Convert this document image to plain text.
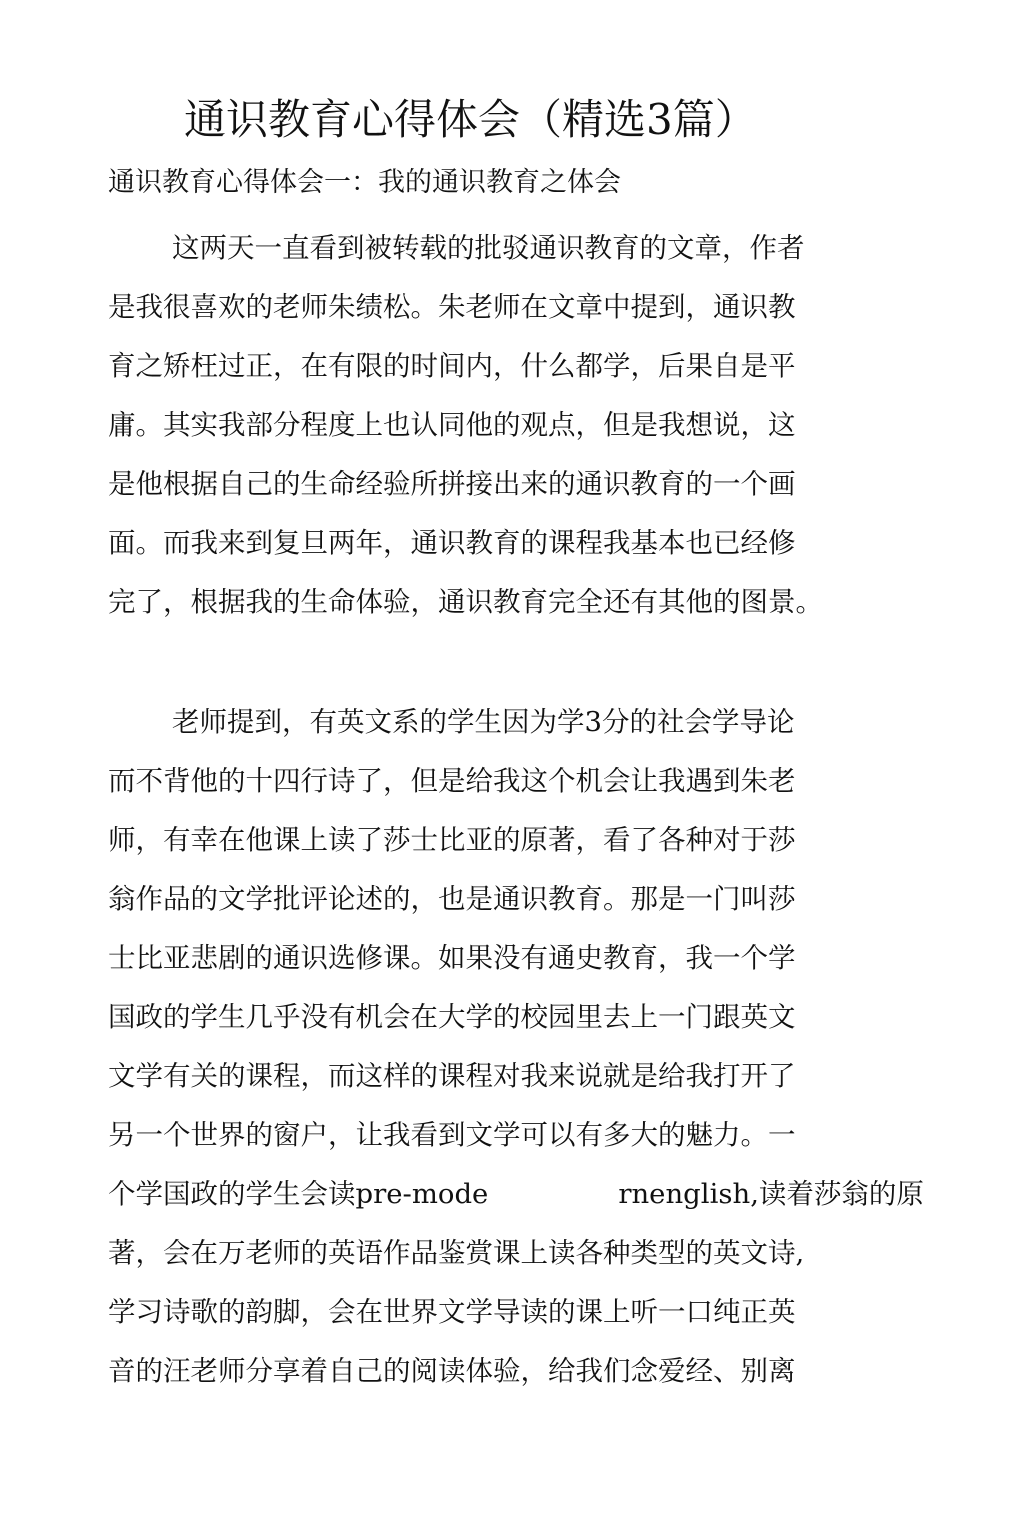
通识教育心得体会（精选3篇）
通识教育心得体会一：我的通识教育之体会
这两天一直看到被转载的批驳通识教育的文章，作者
是我很喜欢的老师朱绩松。朱老师在文章中提到，通识教
育之矫枉过正，在有限的时间内，什么都学，后果自是平
庸。其实我部分程度上也认同他的观点，但是我想说，这
是他根据自己的生命经验所拼接出来的通识教育的一个画
面。而我来到复旦两年，通识教育的课程我基本也已经修
完了，根据我的生命体验，通识教育完全还有其他的图景。
老师提到，有英文系的学生因为学3分的社会学导论
而不背他的十四行诗了，但是给我这个机会让我遇到朱老
师，有幸在他课上读了莎士比亚的原著，看了各种对于莎
翁作品的文学批评论述的，也是通识教育。那是一门叫莎
士比亚悲剧的通识选修课。如果没有通史教育，我一个学
国政的学生几乎没有机会在大学的校园里去上一门跟英文
文学有关的课程，而这样的课程对我来说就是给我打开了
另一个世界的窗户，让我看到文学可以有多大的魅力。一
个学国政的学生会读pre-mode	rnenglish,读着莎翁的原
著，会在万老师的英语作品鉴赏课上读各种类型的英文诗,
学习诗歌的韵脚，会在世界文学导读的课上听一口纯正英
音的汪老师分享着自己的阅读体验，给我们念爱经、别离
